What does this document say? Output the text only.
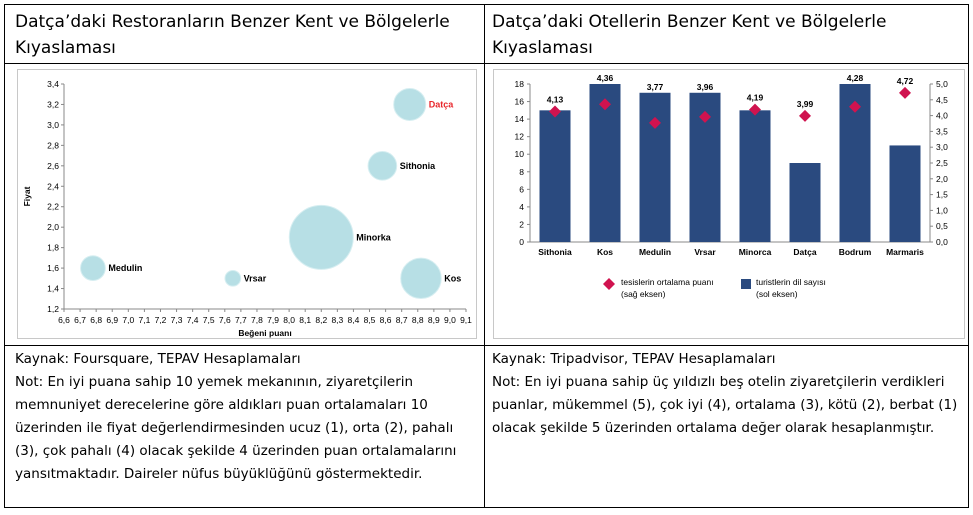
Datça’daki Restoranların Benzer Kent ve Bölgelerle Kıyaslaması
Datça’daki Otellerin Benzer Kent ve Bölgelerle Kıyaslaması
1,2
1,4
1,6
1,8
2,0
2,2
2,4
2,6
2,8
3,0
3,2
3,4
6,6 6,7 6,8 6,9 7,0 7,1 7,2 7,3 7,4 7,5 7,6 7,7 7,8 7,9 8,0 8,1 8,2 8,3 8,4 8,5 8,6 8,7 8,8 8,9 9,0 9,1
Beğeni puanı
Fiyat
Datça
Sithonia
Minorka
Medulin
Vrsar	Kos
0
2
4
6
8
10
12
14
16
18
0,0
0,5
1,0
1,5
2,0
2,5
3,0
3,5
4,0
4,5
5,0
Sithonia
4,13
Kos
4,36
Medulin
3,77
Vrsar
3,96
Minorca
4,19
Datça
3,99
Bodrum
4,28
Marmaris
4,72
tesislerin ortalama puanı
(sağ eksen)
turistlerin dil sayısı
(sol eksen)
Kaynak: Foursquare, TEPAV Hesaplamaları
Not: En iyi puana sahip 10 yemek mekanının, ziyaretçilerin memnuniyet derecelerine göre aldıkları puan ortalamaları 10 üzerinden ile fiyat değerlendirmesinden ucuz (1), orta (2), pahalı (3), çok pahalı (4) olacak şekilde 4 üzerinden puan ortalamalarını yansıtmaktadır. Daireler nüfus büyüklüğünü göstermektedir.
Kaynak: Tripadvisor, TEPAV Hesaplamaları
Not: En iyi puana sahip üç yıldızlı beş otelin ziyaretçilerin verdikleri puanlar, mükemmel (5), çok iyi (4), ortalama (3), kötü (2), berbat (1) olacak şekilde 5 üzerinden ortalama değer olarak hesaplanmıştır.
